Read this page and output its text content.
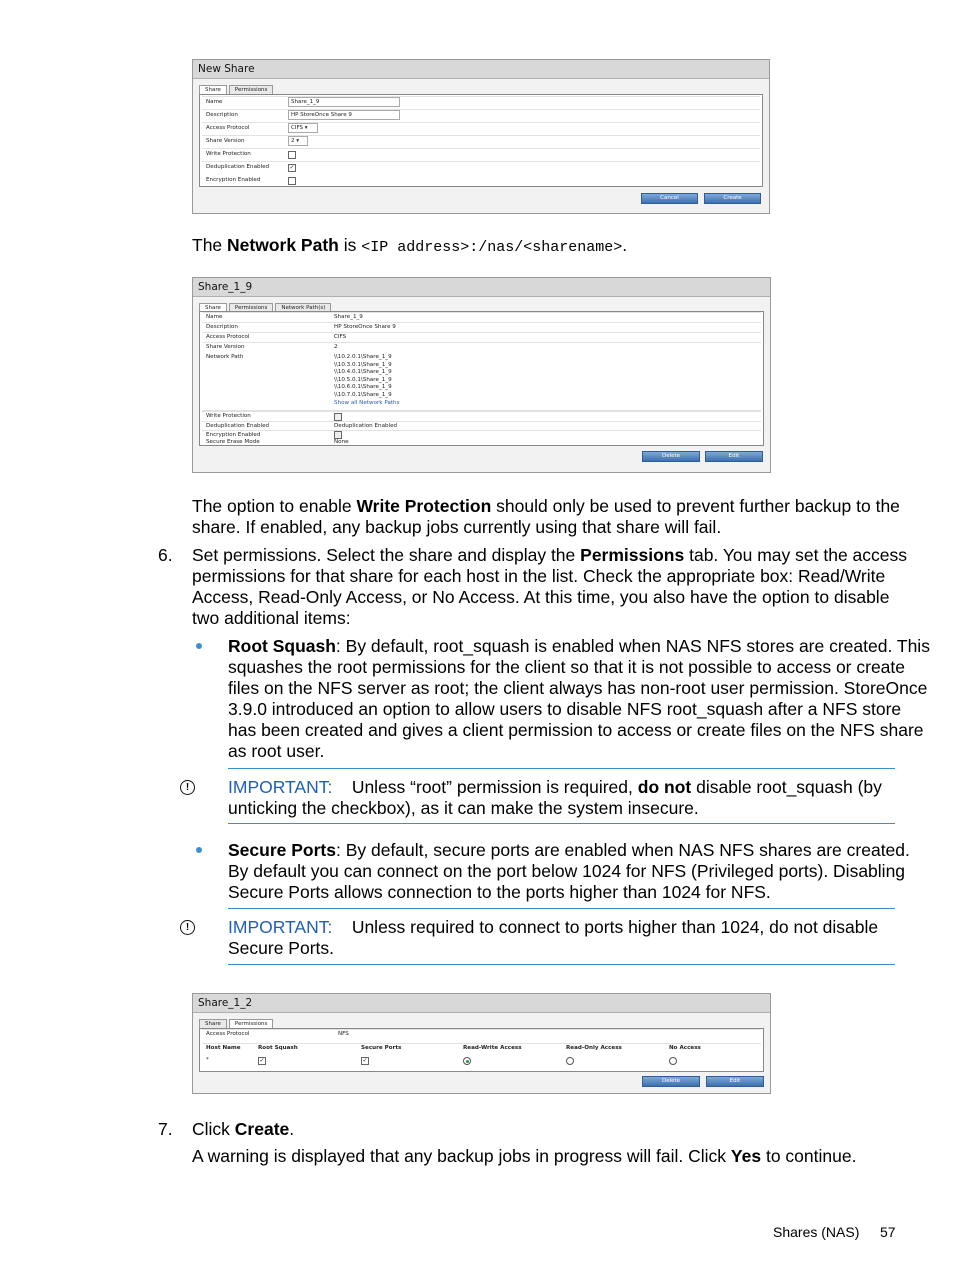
New Share
Share	Permissions
Name	Share_1_9
Description	HP StoreOnce Share 9
Access Protocol	CIFS ▾
Share Version	2 ▾
Write Protection
Deduplication Enabled	✓
Encryption Enabled
Cancel	Create
The Network Path is <IP address>:/nas/<sharename>.
Share_1_9
Share	Permissions	Network Path(s)
Name	Share_1_9
Description	HP StoreOnce Share 9
Access Protocol	CIFS
Share Version	2
Network Path	\\10.2.0.1\Share_1_9
\\10.3.0.1\Share_1_9
\\10.4.0.1\Share_1_9
\\10.5.0.1\Share_1_9
\\10.6.0.1\Share_1_9
\\10.7.0.1\Share_1_9
Show all Network Paths
Write Protection
Deduplication Enabled	Deduplication Enabled
Encryption Enabled
Secure Erase Mode	None
Delete	Edit
The option to enable Write Protection should only be used to prevent further backup to the
share. If enabled, any backup jobs currently using that share will fail.
6. Set permissions. Select the share and display the Permissions tab. You may set the access
permissions for that share for each host in the list. Check the appropriate box: Read/Write
Access, Read-Only Access, or No Access. At this time, you also have the option to disable
two additional items:
Root Squash: By default, root_squash is enabled when NAS NFS stores are created. This
squashes the root permissions for the client so that it is not possible to access or create
files on the NFS server as root; the client always has non-root user permission. StoreOnce
3.9.0 introduced an option to allow users to disable NFS root_squash after a NFS store
has been created and gives a client permission to access or create files on the NFS share
as root user.
!	IMPORTANT: Unless “root” permission is required, do not disable root_squash (by
unticking the checkbox), as it can make the system insecure.
Secure Ports: By default, secure ports are enabled when NAS NFS shares are created.
By default you can connect on the port below 1024 for NFS (Privileged ports). Disabling
Secure Ports allows connection to the ports higher than 1024 for NFS.
!	IMPORTANT: Unless required to connect to ports higher than 1024, do not disable
Secure Ports.
Share_1_2
Share	Permissions
Access Protocol	NFS
Host Name	Root Squash	Secure Ports	Read-Write Access	Read-Only Access	No Access
*	✓	✓
Delete	Edit
7. Click Create.
A warning is displayed that any backup jobs in progress will fail. Click Yes to continue.
Shares (NAS) 57
